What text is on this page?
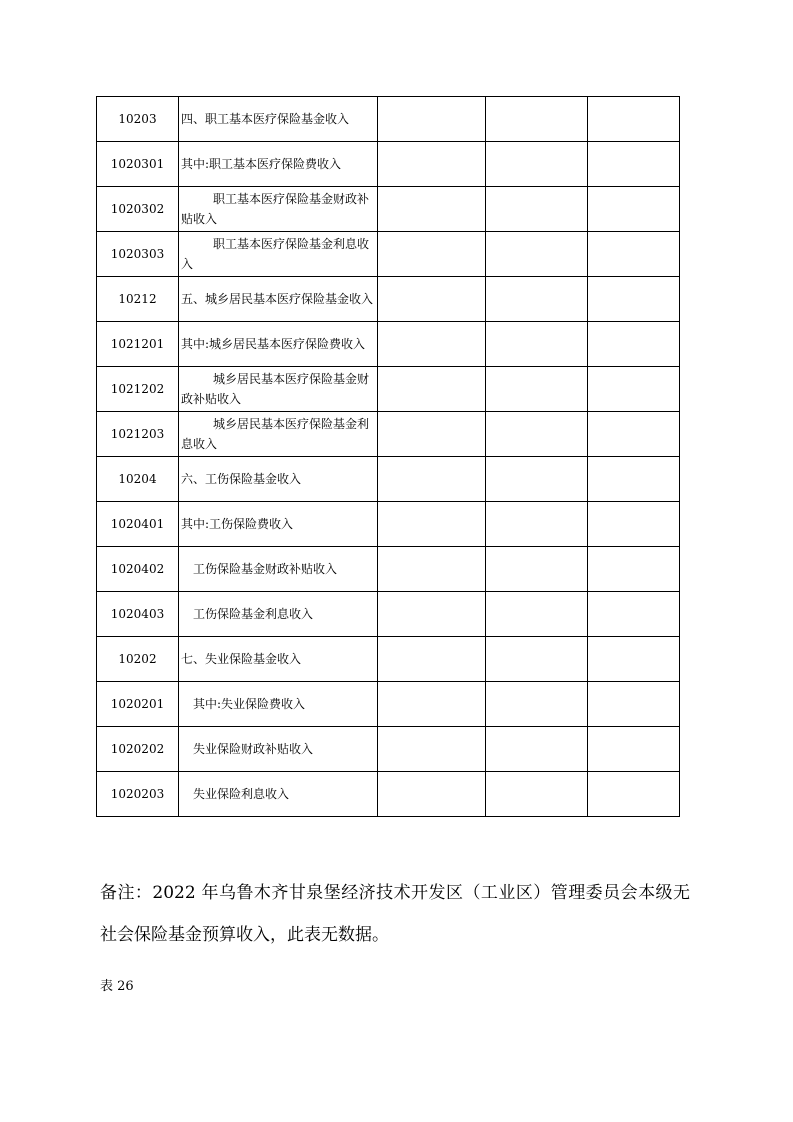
10203	四、职工基本医疗保险基金收入			
1020301	其中:职工基本医疗保险费收入			
1020302	职工基本医疗保险基金财政补贴收入			
1020303	职工基本医疗保险基金利息收入			
10212	五、城乡居民基本医疗保险基金收入			
1021201	其中:城乡居民基本医疗保险费收入			
1021202	城乡居民基本医疗保险基金财政补贴收入			
1021203	城乡居民基本医疗保险基金利息收入			
10204	六、工伤保险基金收入			
1020401	其中:工伤保险费收入			
1020402	工伤保险基金财政补贴收入			
1020403	工伤保险基金利息收入			
10202	七、失业保险基金收入			
1020201	其中:失业保险费收入			
1020202	失业保险财政补贴收入			
1020203	失业保险利息收入			
备注：2022 年乌鲁木齐甘泉堡经济技术开发区（工业区）管理委员会本级无社会保险基金预算收入，此表无数据。
表 26
